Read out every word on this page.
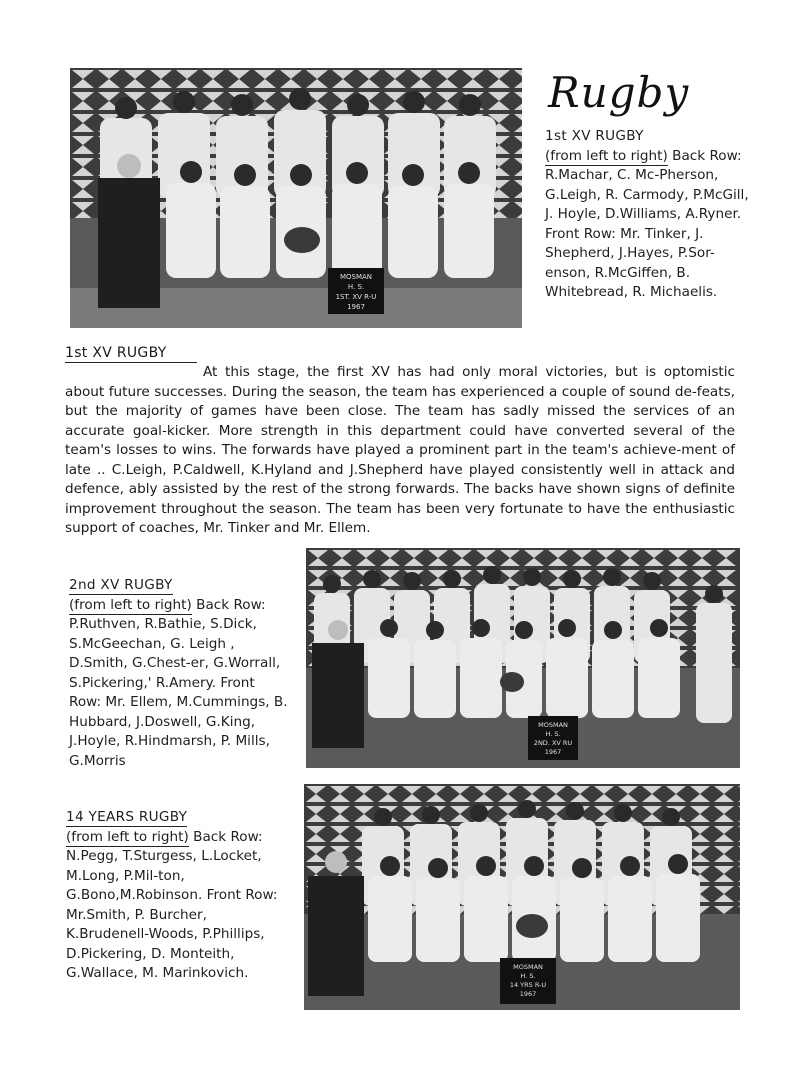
MOSMAN
H. S.
1ST. XV R-U
1967
Rugby
1st XV RUGBY
(from left to right) Back Row: R.Machar, C. Mc-Pherson, G.Leigh, R. Carmody, P.McGill, J. Hoyle, D.Williams, A.Ryner. Front Row: Mr. Tinker, J. Shepherd, J.Hayes, P.Sor-enson, R.McGiffen, B. Whitebread, R. Michaelis.
1st XV RUGBY
At this stage, the first XV has had only moral victories, but is optomistic about future successes. During the season, the team has experienced a couple of sound de-feats, but the majority of games have been close. The team has sadly missed the services of an accurate goal-kicker. More strength in this department could have converted several of the team's losses to wins. The forwards have played a prominent part in the team's achieve-ment of late .. C.Leigh, P.Caldwell, K.Hyland and J.Shepherd have played consistently well in attack and defence, ably assisted by the rest of the strong forwards. The backs have shown signs of definite improvement throughout the season. The team has been very fortunate to have the enthusiastic support of coaches, Mr. Tinker and Mr. Ellem.
MOSMAN
H. S.
2ND. XV RU
1967
2nd XV RUGBY
(from left to right) Back Row: P.Ruthven, R.Bathie, S.Dick, S.McGeechan, G. Leigh , D.Smith, G.Chest-er, G.Worrall, S.Pickering,' R.Amery. Front Row: Mr. Ellem, M.Cummings, B. Hubbard, J.Doswell, G.King, J.Hoyle, R.Hindmarsh, P. Mills, G.Morris
MOSMAN
H. S.
14 YRS R-U
1967
14 YEARS RUGBY
(from left to right) Back Row: N.Pegg, T.Sturgess, L.Locket, M.Long, P.Mil-ton, G.Bono,M.Robinson. Front Row: Mr.Smith, P. Burcher, K.Brudenell-Woods, P.Phillips, D.Pickering, D. Monteith, G.Wallace, M. Marinkovich.
